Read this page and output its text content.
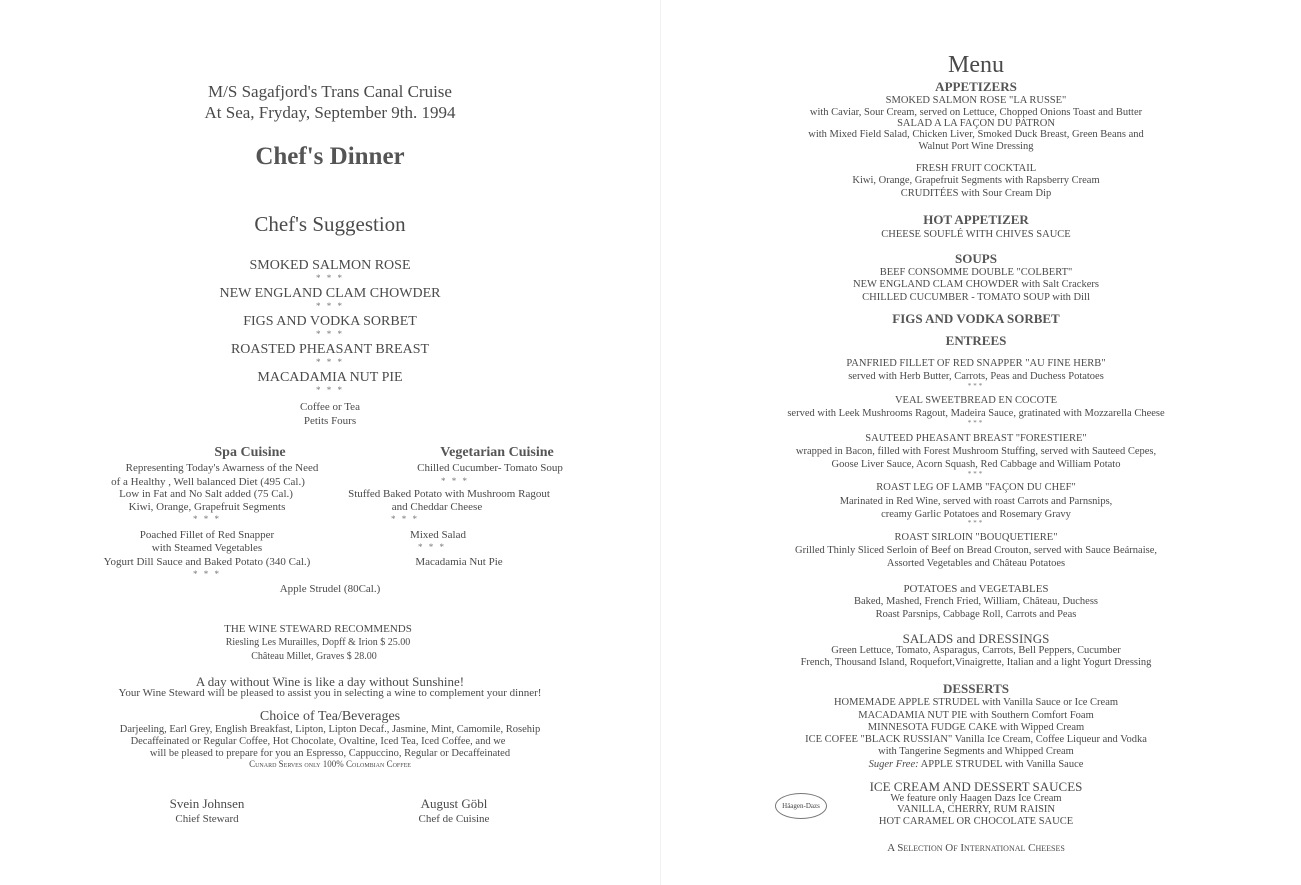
M/S Sagafjord's Trans Canal Cruise
At Sea, Fryday, September 9th. 1994
Chef's Dinner
Chef's Suggestion
SMOKED SALMON ROSE
* * *
NEW ENGLAND CLAM CHOWDER
* * *
FIGS AND VODKA SORBET
* * *
ROASTED PHEASANT BREAST
* * *
MACADAMIA NUT PIE
* * *
Coffee or Tea
Petits Fours
Spa Cuisine
Representing Today's Awarness of the Need
of a Healthy , Well balanced Diet (495 Cal.)
Low in Fat and No Salt added (75 Cal.)
Kiwi, Orange, Grapefruit Segments
* * *
Poached Fillet of Red Snapper
with Steamed Vegetables
Yogurt Dill Sauce and Baked Potato (340 Cal.)
* * *
Apple Strudel (80Cal.)
Vegetarian Cuisine
Chilled Cucumber- Tomato Soup
* * *
Stuffed Baked Potato with Mushroom Ragout
and Cheddar Cheese
* * *
Mixed Salad
* * *
Macadamia Nut Pie
THE WINE STEWARD RECOMMENDS
Riesling Les Murailles, Dopff & Irion $ 25.00
Château Millet, Graves $ 28.00
A day without Wine is like a day without Sunshine!
Your Wine Steward will be pleased to assist you in selecting a wine to complement your dinner!
Choice of Tea/Beverages
Darjeeling, Earl Grey, English Breakfast, Lipton, Lipton Decaf., Jasmine, Mint, Camomile, Rosehip
Decaffeinated or Regular Coffee, Hot Chocolate, Ovaltine, Iced Tea, Iced Coffee, and we
will be pleased to prepare for you an Espresso, Cappuccino, Regular or Decaffeinated
Cunard Serves only 100% Colombian Coffee
Svein Johnsen
Chief Steward
August Göbl
Chef de Cuisine
Menu
APPETIZERS
SMOKED SALMON ROSE "LA RUSSE"
with Caviar, Sour Cream, served on Lettuce, Chopped Onions Toast and Butter
SALAD A LA FAÇON DU PATRON
with Mixed Field Salad, Chicken Liver, Smoked Duck Breast, Green Beans and
Walnut Port Wine Dressing
FRESH FRUIT COCKTAIL
Kiwi, Orange, Grapefruit Segments with Rapsberry Cream
CRUDITÉES with Sour Cream Dip
HOT APPETIZER
CHEESE SOUFLÉ WITH CHIVES SAUCE
SOUPS
BEEF CONSOMME DOUBLE "COLBERT"
NEW ENGLAND CLAM CHOWDER with Salt Crackers
CHILLED CUCUMBER - TOMATO SOUP with Dill
FIGS AND VODKA SORBET
ENTREES
PANFRIED FILLET OF RED SNAPPER "AU FINE HERB"
served with Herb Butter, Carrots, Peas and Duchess Potatoes
***
VEAL SWEETBREAD EN COCOTE
served with Leek Mushrooms Ragout, Madeira Sauce, gratinated with Mozzarella Cheese
***
SAUTEED PHEASANT BREAST "FORESTIERE"
wrapped in Bacon, filled with Forest Mushroom Stuffing, served with Sauteed Cepes,
Goose Liver Sauce, Acorn Squash, Red Cabbage and William Potato
***
ROAST LEG OF LAMB "FAÇON DU CHEF"
Marinated in Red Wine, served with roast Carrots and Parnsnips,
creamy Garlic Potatoes and Rosemary Gravy
***
ROAST SIRLOIN "BOUQUETIERE"
Grilled Thinly Sliced Serloin of Beef on Bread Crouton, served with Sauce Beárnaise,
Assorted Vegetables and Château Potatoes
POTATOES and VEGETABLES
Baked, Mashed, French Fried, William, Château, Duchess
Roast Parsnips, Cabbage Roll, Carrots and Peas
SALADS and DRESSINGS
Green Lettuce, Tomato, Asparagus, Carrots, Bell Peppers, Cucumber
French, Thousand Island, Roquefort,Vinaigrette, Italian and a light Yogurt Dressing
DESSERTS
HOMEMADE APPLE STRUDEL with Vanilla Sauce or Ice Cream
MACADAMIA NUT PIE with Southern Comfort Foam
MINNESOTA FUDGE CAKE with Wipped Cream
ICE COFEE "BLACK RUSSIAN" Vanilla Ice Cream, Coffee Liqueur and Vodka
with Tangerine Segments and Whipped Cream
Suger Free: APPLE STRUDEL with Vanilla Sauce
ICE CREAM AND DESSERT SAUCES
We feature only Haagen Dazs Ice Cream
VANILLA, CHERRY, RUM RAISIN
HOT CARAMEL OR CHOCOLATE SAUCE
A Selection Of International Cheeses
Häagen-Dazs
